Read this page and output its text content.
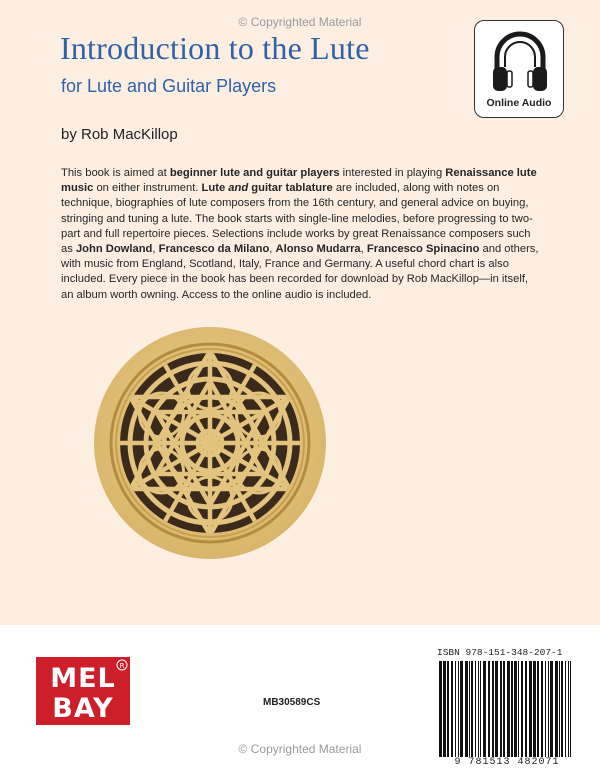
© Copyrighted Material
Introduction to the Lute
for Lute and Guitar Players
by Rob MacKillop
Online Audio

This book is aimed at beginner lute and guitar players interested in playing Renaissance lute music on either instrument. Lute and guitar tablature are included, along with notes on technique, biographies of lute composers from the 16th century, and general advice on buying, stringing and tuning a lute. The book starts with single-line melodies, before progressing to two-part and full repertoire pieces. Selections include works by great Renaissance composers such as John Dowland, Francesco da Milano, Alonso Mudarra, Francesco Spinacino and others, with music from England, Scotland, Italy, France and Germany. A useful chord chart is also included. Every piece in the book has been recorded for download by Rob MacKillop—in itself, an album worth owning. Access to the online audio is included.

© Copyrighted Material
MEL
BAY
R
MB30589CS
ISBN 978-151-348-207-1
9 781513 482071
